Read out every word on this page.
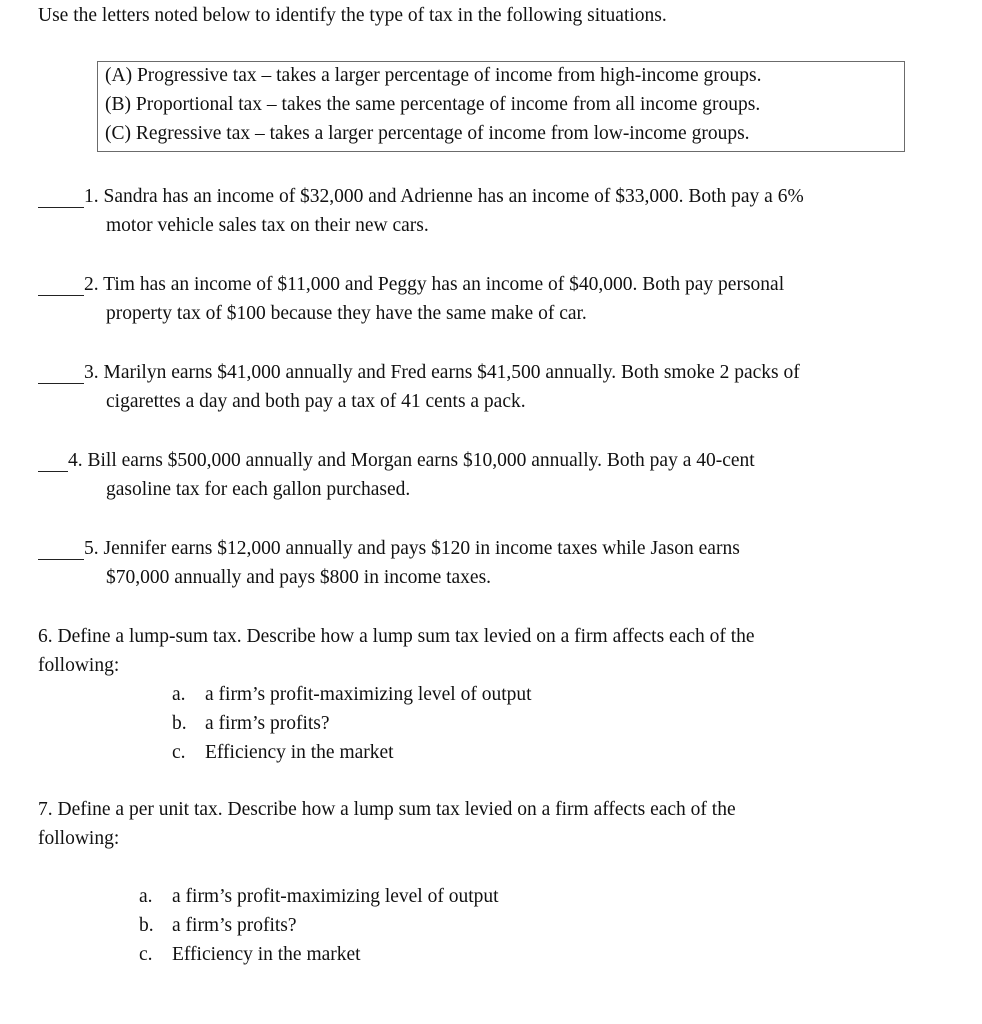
Use the letters noted below to identify the type of tax in the following situations.
(A) Progressive tax – takes a larger percentage of income from high-income groups.
(B) Proportional tax – takes the same percentage of income from all income groups.
(C) Regressive tax – takes a larger percentage of income from low-income groups.
1. Sandra has an income of $32,000 and Adrienne has an income of $33,000. Both pay a 6%
motor vehicle sales tax on their new cars.
2. Tim has an income of $11,000 and Peggy has an income of $40,000. Both pay personal
property tax of $100 because they have the same make of car.
3. Marilyn earns $41,000 annually and Fred earns $41,500 annually. Both smoke 2 packs of
cigarettes a day and both pay a tax of 41 cents a pack.
4. Bill earns $500,000 annually and Morgan earns $10,000 annually. Both pay a 40-cent
gasoline tax for each gallon purchased.
5. Jennifer earns $12,000 annually and pays $120 in income taxes while Jason earns
$70,000 annually and pays $800 in income taxes.
6. Define a lump-sum tax. Describe how a lump sum tax levied on a firm affects each of the
following:
a. a firm’s profit-maximizing level of output
b. a firm’s profits?
c. Efficiency in the market
7. Define a per unit tax. Describe how a lump sum tax levied on a firm affects each of the
following:
a. a firm’s profit-maximizing level of output
b. a firm’s profits?
c. Efficiency in the market
